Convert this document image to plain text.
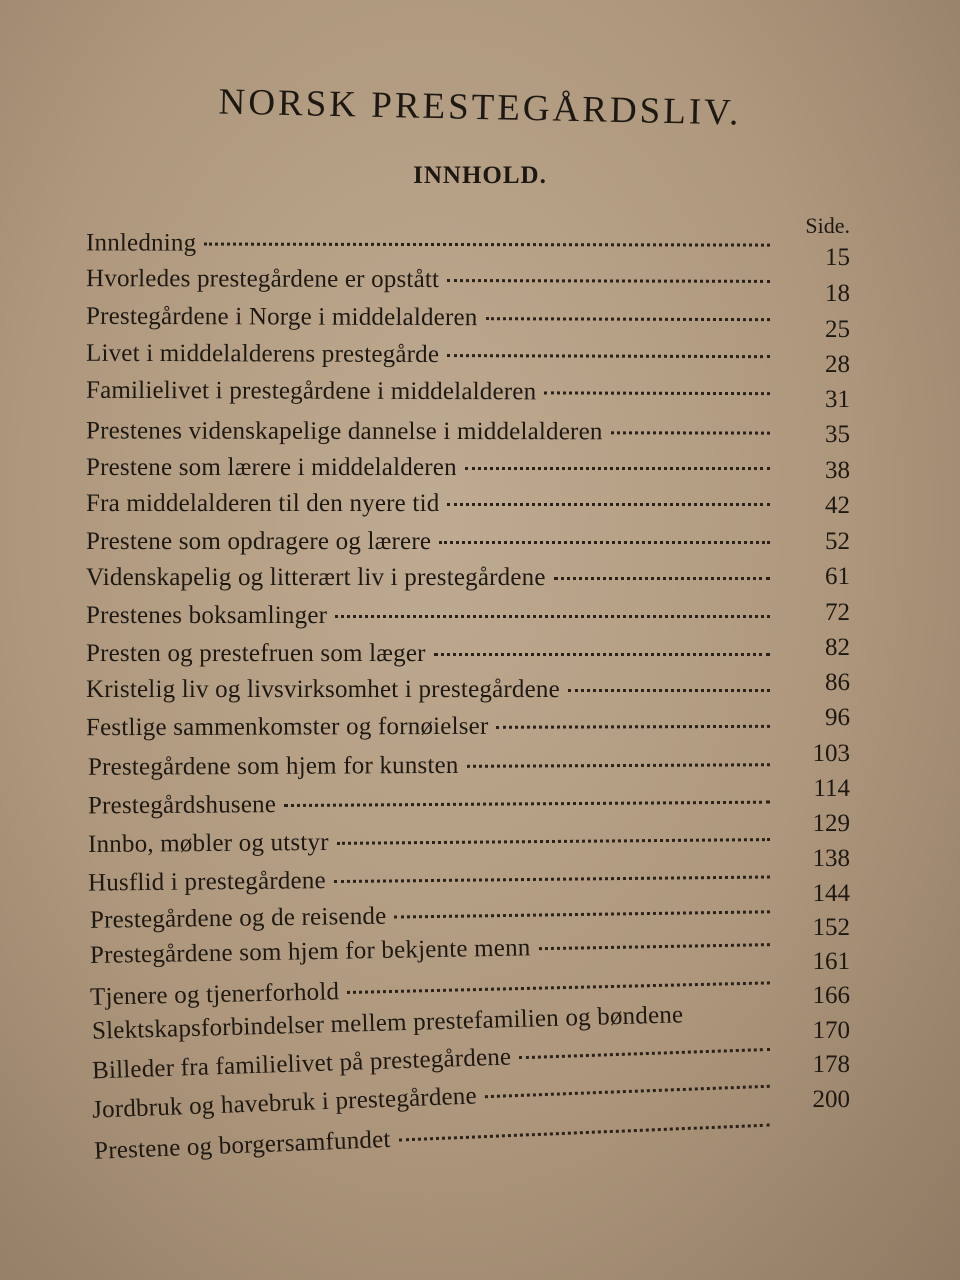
NORSK PRESTEGÅRDSLIV.
INNHOLD.
Side.
Innledning
Hvorledes prestegårdene er opstått
Prestegårdene i Norge i middelalderen
Livet i middelalderens prestegårde
Familielivet i prestegårdene i middelalderen
Prestenes videnskapelige dannelse i middelalderen
Prestene som lærere i middelalderen
Fra middelalderen til den nyere tid
Prestene som opdragere og lærere
Videnskapelig og litterært liv i prestegårdene
Prestenes boksamlinger
Presten og prestefruen som læger
Kristelig liv og livsvirksomhet i prestegårdene
Festlige sammenkomster og fornøielser
Prestegårdene som hjem for kunsten
Prestegårdshusene
Innbo, møbler og utstyr
Husflid i prestegårdene
Prestegårdene og de reisende
Prestegårdene som hjem for bekjente menn
Tjenere og tjenerforhold
Slektskapsforbindelser mellem prestefamilien og bøndene
Billeder fra familielivet på prestegårdene
Jordbruk og havebruk i prestegårdene
Prestene og borgersamfundet
15
18
25
28
31
35
38
42
52
61
72
82
86
96
103
114
129
138
144
152
161
166
170
178
200
